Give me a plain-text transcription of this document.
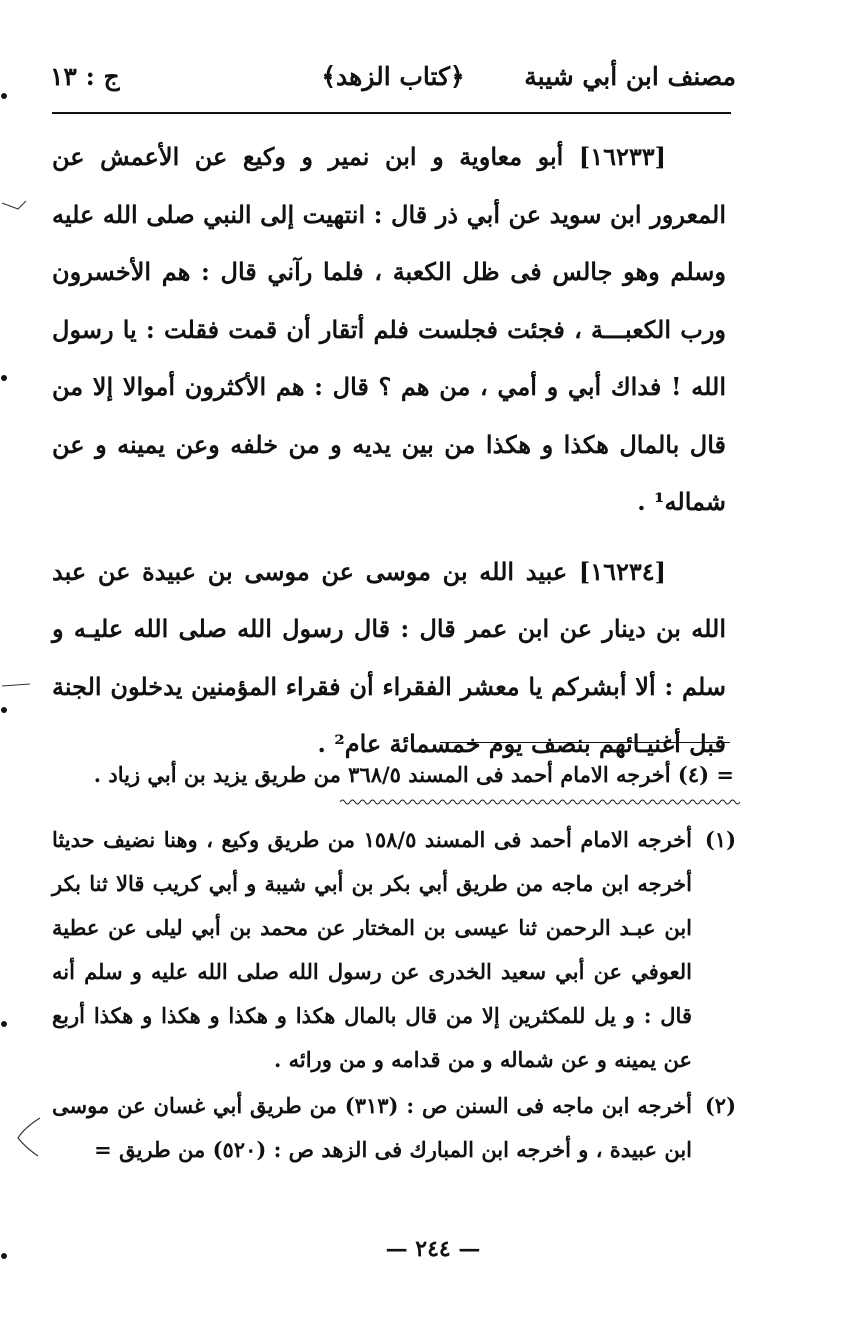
مصنف ابن أبي شيبة
﴿كتاب الزهد﴾
ج : ١٣

[١٦٢٣٣] أبو معاوية و ابن نمير و وكيع عن الأعمش عن المعرور ابن سويد عن أبي ذر قال : انتهيت إلى النبي صلى الله عليه وسلم وهو جالس فى ظل الكعبة ، فلما رآني قال : هم الأخسرون ورب الكعبـــة ، فجئت فجلست فلم أتقار أن قمت فقلت : يا رسول الله ! فداك أبي و أمي ، من هم ؟ قال : هم الأكثرون أموالا إلا من قال بالمال هكذا و هكذا من بين يديه و من خلفه وعن يمينه و عن شماله¹ .

[١٦٢٣٤] عبيد الله بن موسى عن موسى بن عبيدة عن عبد الله بن دينار عن ابن عمر قال : قال رسول الله صلى الله عليـه و سلم : ألا أبشركم يا معشر الفقراء أن فقراء المؤمنين يدخلون الجنة قبل أغنيـائهم بنصف يوم خمسمائة عام² .

= (٤) أخرجه الامام أحمد فى المسند ٣٦٨/٥ من طريق يزيد بن أبي زياد .

(١)
أخرجه الامام أحمد فى المسند ١٥٨/٥ من طريق وكيع ، وهنا نضيف حديثا أخرجه ابن ماجه من طريق أبي بكر بن أبي شيبة و أبي كريب قالا ثنا بكر ابن عبـد الرحمن ثنا عيسى بن المختار عن محمد بن أبي ليلى عن عطية العوفي عن أبي سعيد الخدرى عن رسول الله صلى الله عليه و سلم أنه قال : و يل للمكثرين إلا من قال بالمال هكذا و هكذا و هكذا و هكذا أربع عن يمينه و عن شماله و من قدامه و من ورائه .

(٢)
أخرجه ابن ماجه فى السنن ص : (٣١٣) من طريق أبي غسان عن موسى ابن عبيدة ، و أخرجه ابن المبارك فى الزهد ص : (٥٢٠) من طريق =

— ٢٤٤ —
